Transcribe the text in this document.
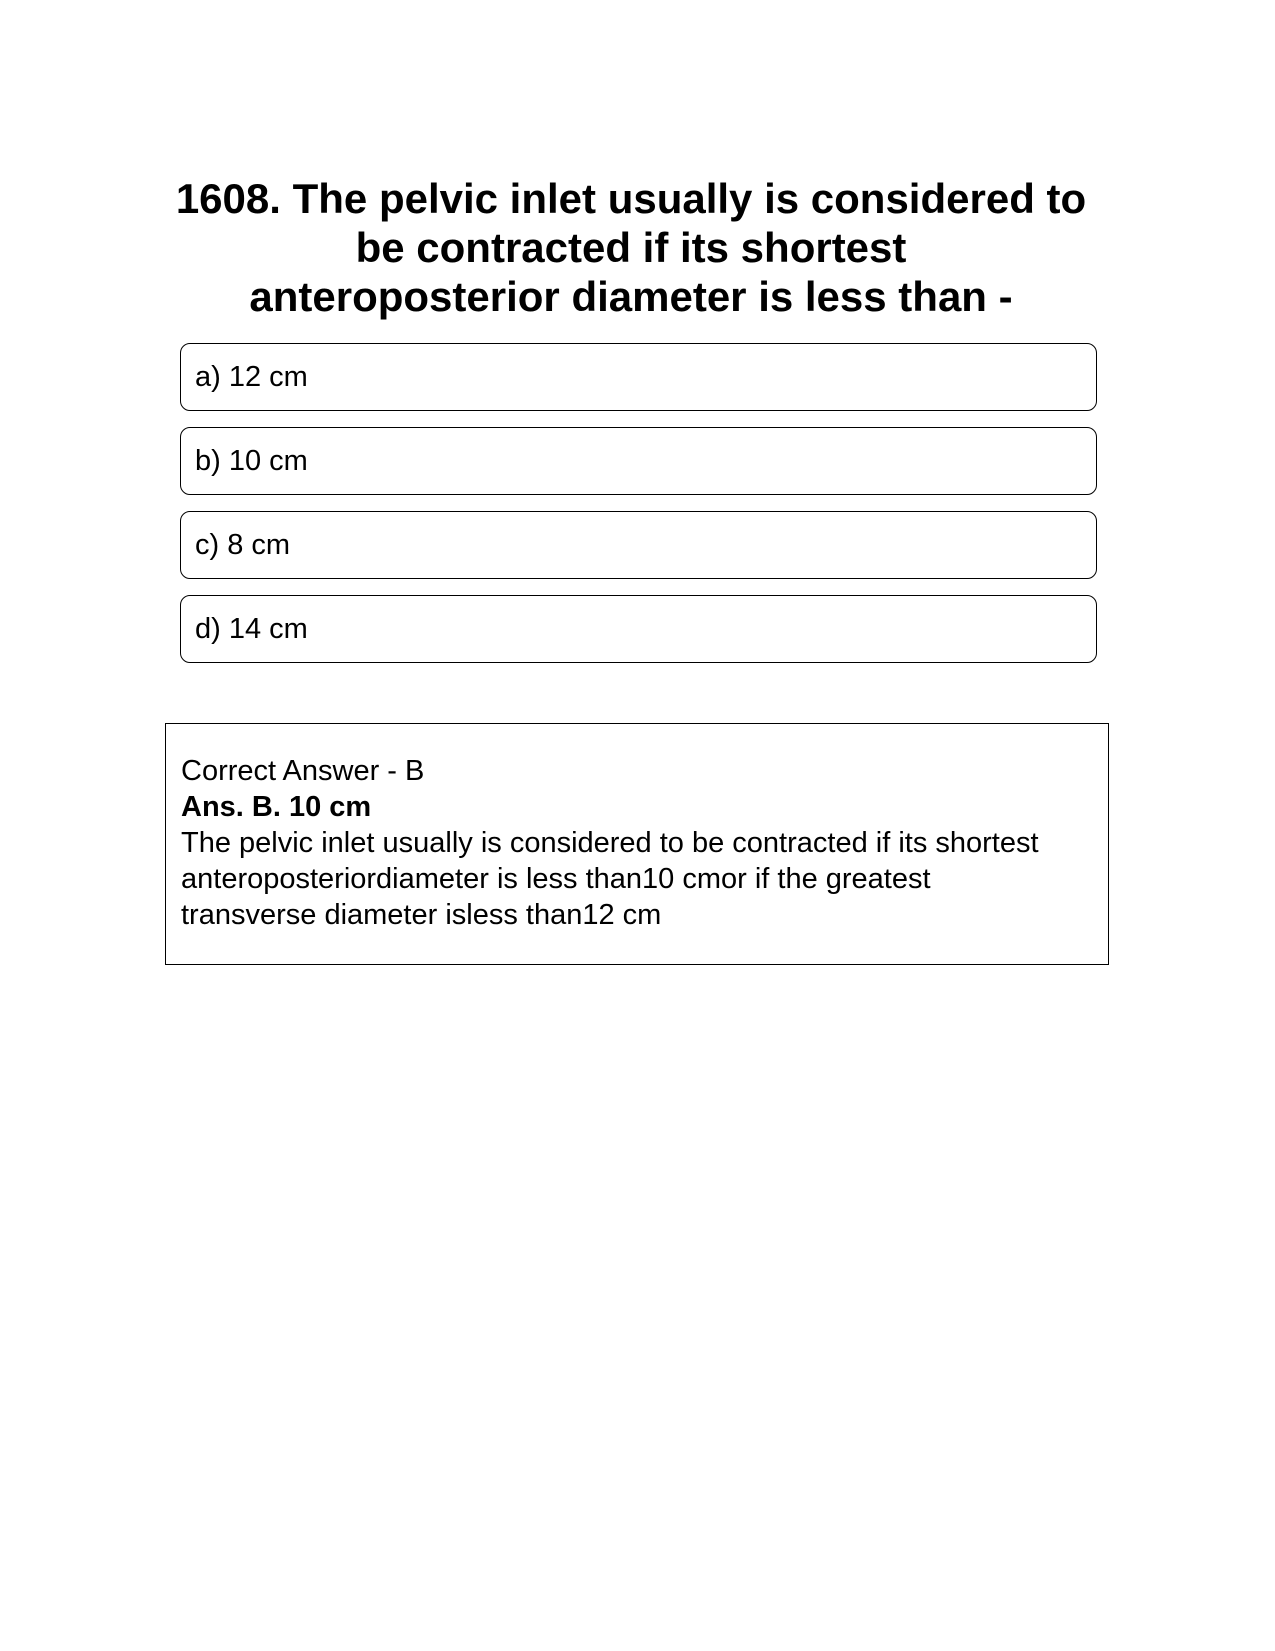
1608. The pelvic inlet usually is considered to
be contracted if its shortest
anteroposterior diameter is less than -
a)
12 cm
b)
10 cm
c)
8 cm
d)
14 cm
Correct Answer - B
Ans. B. 10 cm
The pelvic inlet usually is considered to be contracted if its shortest
anteroposteriordiameter is less than10 cmor if the greatest
transverse diameter isless than12 cm
